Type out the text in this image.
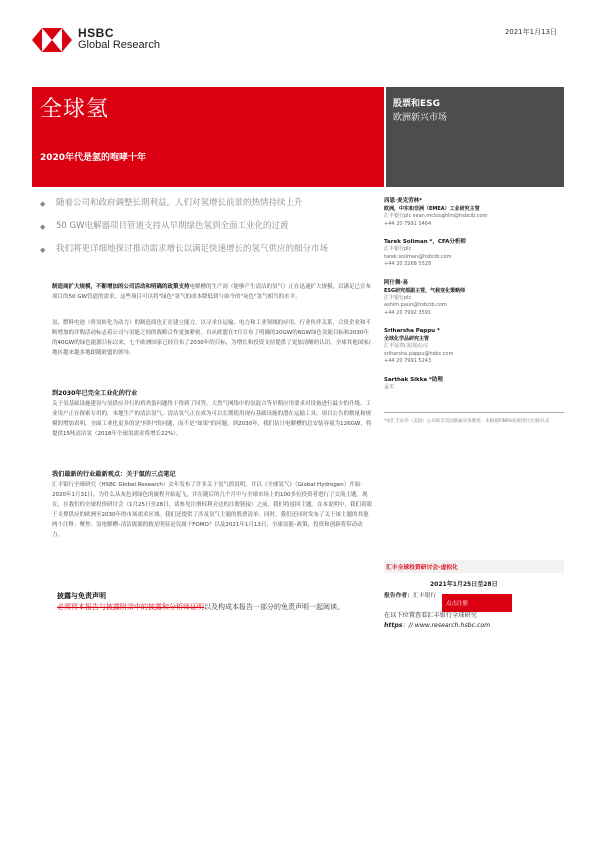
HSBC
Global Research
2021年1月13日
全球氢
2020年代是氢的咆哮十年
股票和ESG
欧洲新兴市场
◆ 随着公司和政府调整长期利益，人们对氢增长前景的热情持续上升
◆ 50 GW电解器项目管道支持从早期绿色氢到全面工业化的过渡
◆ 我们将更详细地探讨推动需求增长以满足快速增长的氢气供应的细分市场
制造商扩大规模，不断增加的公司活动和明确的政策支持电解槽的生产商（能够产生清洁的氢气）正在迅速扩大规模，以满足已宣布项目的50 GW管道的需求，这些项目可以将"绿色"氢气的成本降低到与如今的"灰色"氢气相当的水平。
氢、燃料电池（将氢转化为动力）的制造商也正在建立能力，以寻求在运输、电力和工业领域的应用。行业伙伴关系，合资企业和不断增加的并购活动标志着公司与氢能之间的战略合作更加紧密。自从欧盟在7月宣布了明确的20GW的6GW绿色氢能目标和2030年的40GW的绿色能源目标以来，七个欧洲国家已经宣布了2030年的目标，为增长和投资支持提供了更加清晰的认识。全球其他国家/地区越来越多地跟随欧盟的领导。
到2030年已完全工业化的行业
关于氢基础设施建设与氢供应并行的鸡鸡蛋问题终于得到了回答。大然气网络中的氢混合等早期应用要求对设备进行最少的升级。工业用户正在探索专用的，本地生产的清洁氢气。清洁氢气正在成为可以长期使用现有基础设施的潜在运输工具。项目公告的数量和规模的增加表明，全面工业化更多的是"何时"的问题，而不是"如果"的问题。到2030年，我们估计电解槽的总安装容量为126GW，将提供15吨清洁氢（2018年全球氢需求将增长22%）。
我们最新的行业最新观点：关于氢的三点笔记
汇丰银行全球研究（HSBC Global Research）去年发布了许多关于氢气的说明，并以《全球氢气》（Global Hydrogen）开始：2020年1月31日，为什么从灰色到绿色的旅程开始起飞，并在随后的几个月中与全球市场上的100多位投资者进行了交流主题。现在，在我们的全球投资研讨会（1月25日至28日，请参见注册权利旁边的注册链接）之前，我们将返回主题。在本说明中，我们着眼于支撑供应的欧洲至2030年的市场需求区域。我们还提供了涉及氢气主题的股票清单。同时，我们还同时发布了关于该主题的其他两个注释：聚焦：氢电解槽–清洁能源的救星明显是仅属于FOMO？以及2021年1月13日，全球氢能–政策，投资和创新将带动动力。
披露与免责声明
必须将本报告与披露附录中的披露和分析师证明以及构成本报告一部分的免责声明一起阅读。
西恩·麦克劳林*
欧洲，中东和非洲（EMEA）工业研究主管
汇丰银行plc sean.mcloughlin@hsbcib.com
+44 20 7991 3464
Tarek Soliman *，CFA分析师
汇丰银行plc
tarek.soliman@hsbcib.com
+44 20 3268 5528
阿什舞·易
ESG研究部副主管，气候变化策略师
汇丰银行plc
ashim.paun@hsbcib.com
+44 20 7992 3591
Sriharsha Pappu *
全球化学品研究主管
汇丰证券(美国)公司
sriharsha.pappu@hsbc.com
+44 20 7991 5243
Sarthak Sikka *助理
孟买
*由汇丰证券（美国）公司的非美国联属实体聘用，未根据FINRA法规进行注册/认证
汇丰全球投资研讨会-虚拟化
2021年1月25日至28日
报告作者：汇丰银行
点击注册
在以下位置查看汇丰银行全球研究
https：// www.research.hsbc.com
